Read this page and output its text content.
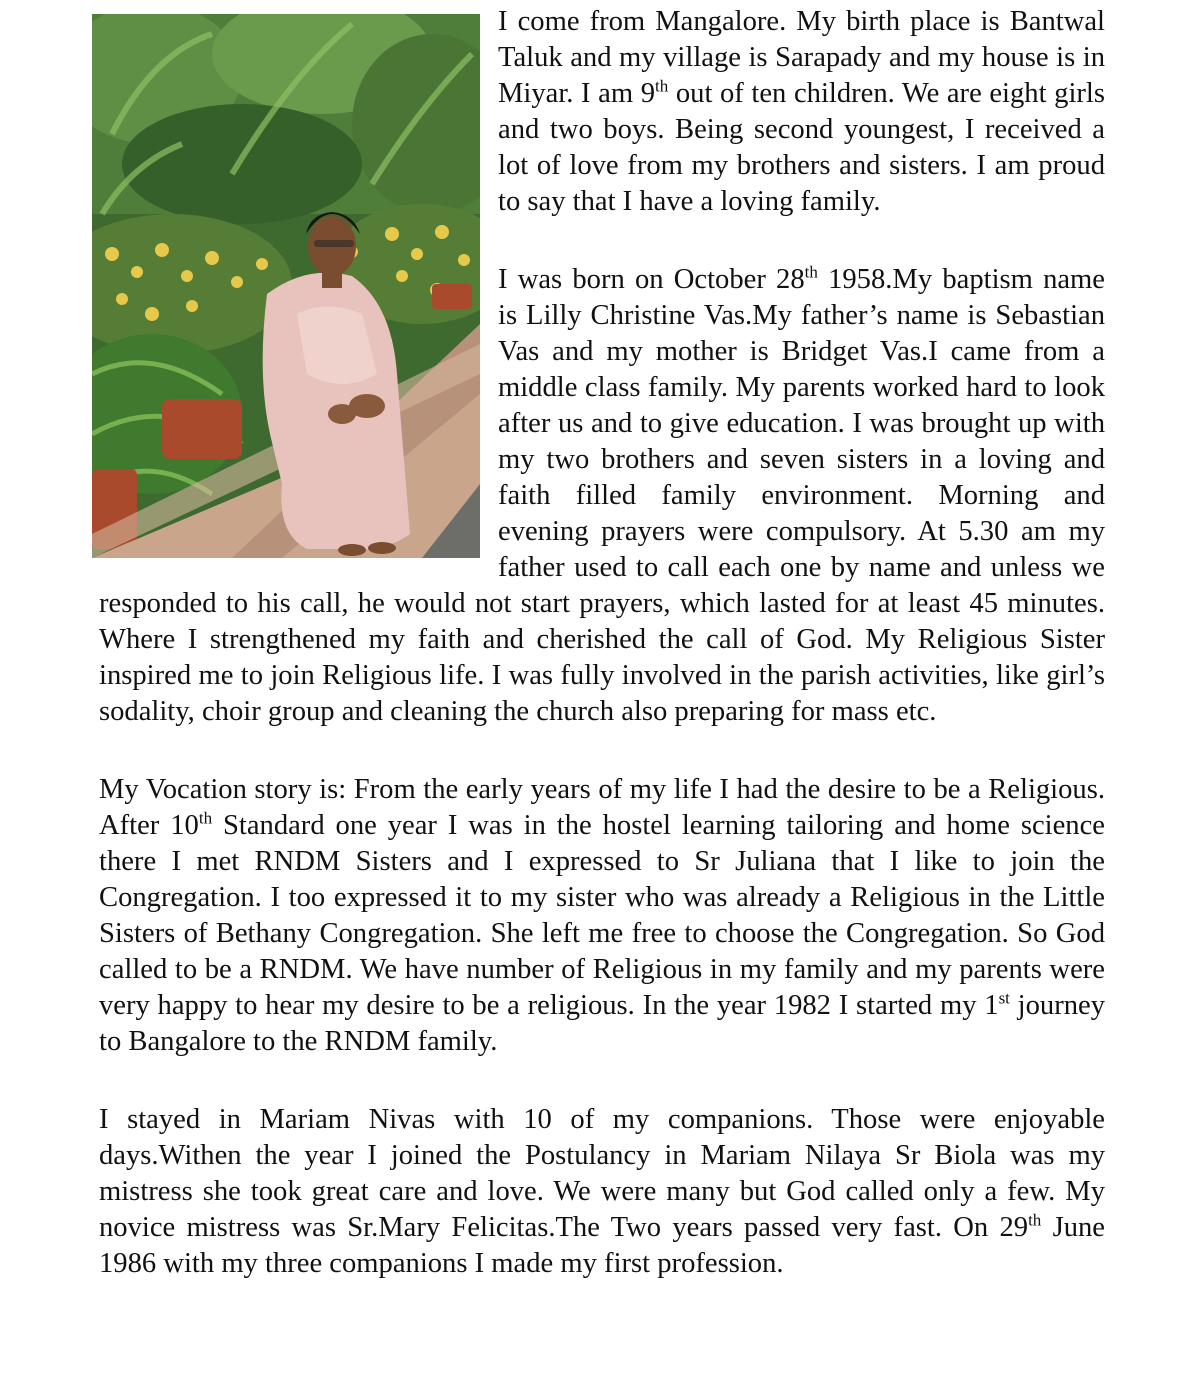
I come from Mangalore. My birth place is Bantwal Taluk and my village is Sarapady and my house is in Miyar. I am 9th out of ten children. We are eight girls and two boys. Being second youngest, I received a lot of love from my brothers and sisters. I am proud to say that I have a loving family.

I was born on October 28th 1958.My baptism name is Lilly Christine Vas.My father’s name is Sebastian Vas and my mother is Bridget Vas.I came from a middle class family. My parents worked hard to look after us and to give education. I was brought up with my two brothers and seven sisters in a loving and faith filled family environment. Morning and evening prayers were compulsory. At 5.30 am my father used to call each one by name and unless we responded to his call, he would not start prayers, which lasted for at least 45 minutes. Where I strengthened my faith and cherished the call of God. My Religious Sister inspired me to join Religious life. I was fully involved in the parish activities, like girl’s sodality, choir group and cleaning the church also preparing for mass etc.

My Vocation story is: From the early years of my life I had the desire to be a Religious. After 10th Standard one year I was in the hostel learning tailoring and home science there I met RNDM Sisters and I expressed to Sr Juliana that I like to join the Congregation. I too expressed it to my sister who was already a Religious in the Little Sisters of Bethany Congregation. She left me free to choose the Congregation. So God called to be a RNDM. We have number of Religious in my family and my parents were very happy to hear my desire to be a religious. In the year 1982 I started my 1st journey to Bangalore to the RNDM family.

I stayed in Mariam Nivas with 10 of my companions. Those were enjoyable days.Withen the year I joined the Postulancy in Mariam Nilaya Sr Biola was my mistress she took great care and love. We were many but God called only a few. My novice mistress was Sr.Mary Felicitas.The Two years passed very fast. On 29th June 1986 with my three companions I made my first profession.
